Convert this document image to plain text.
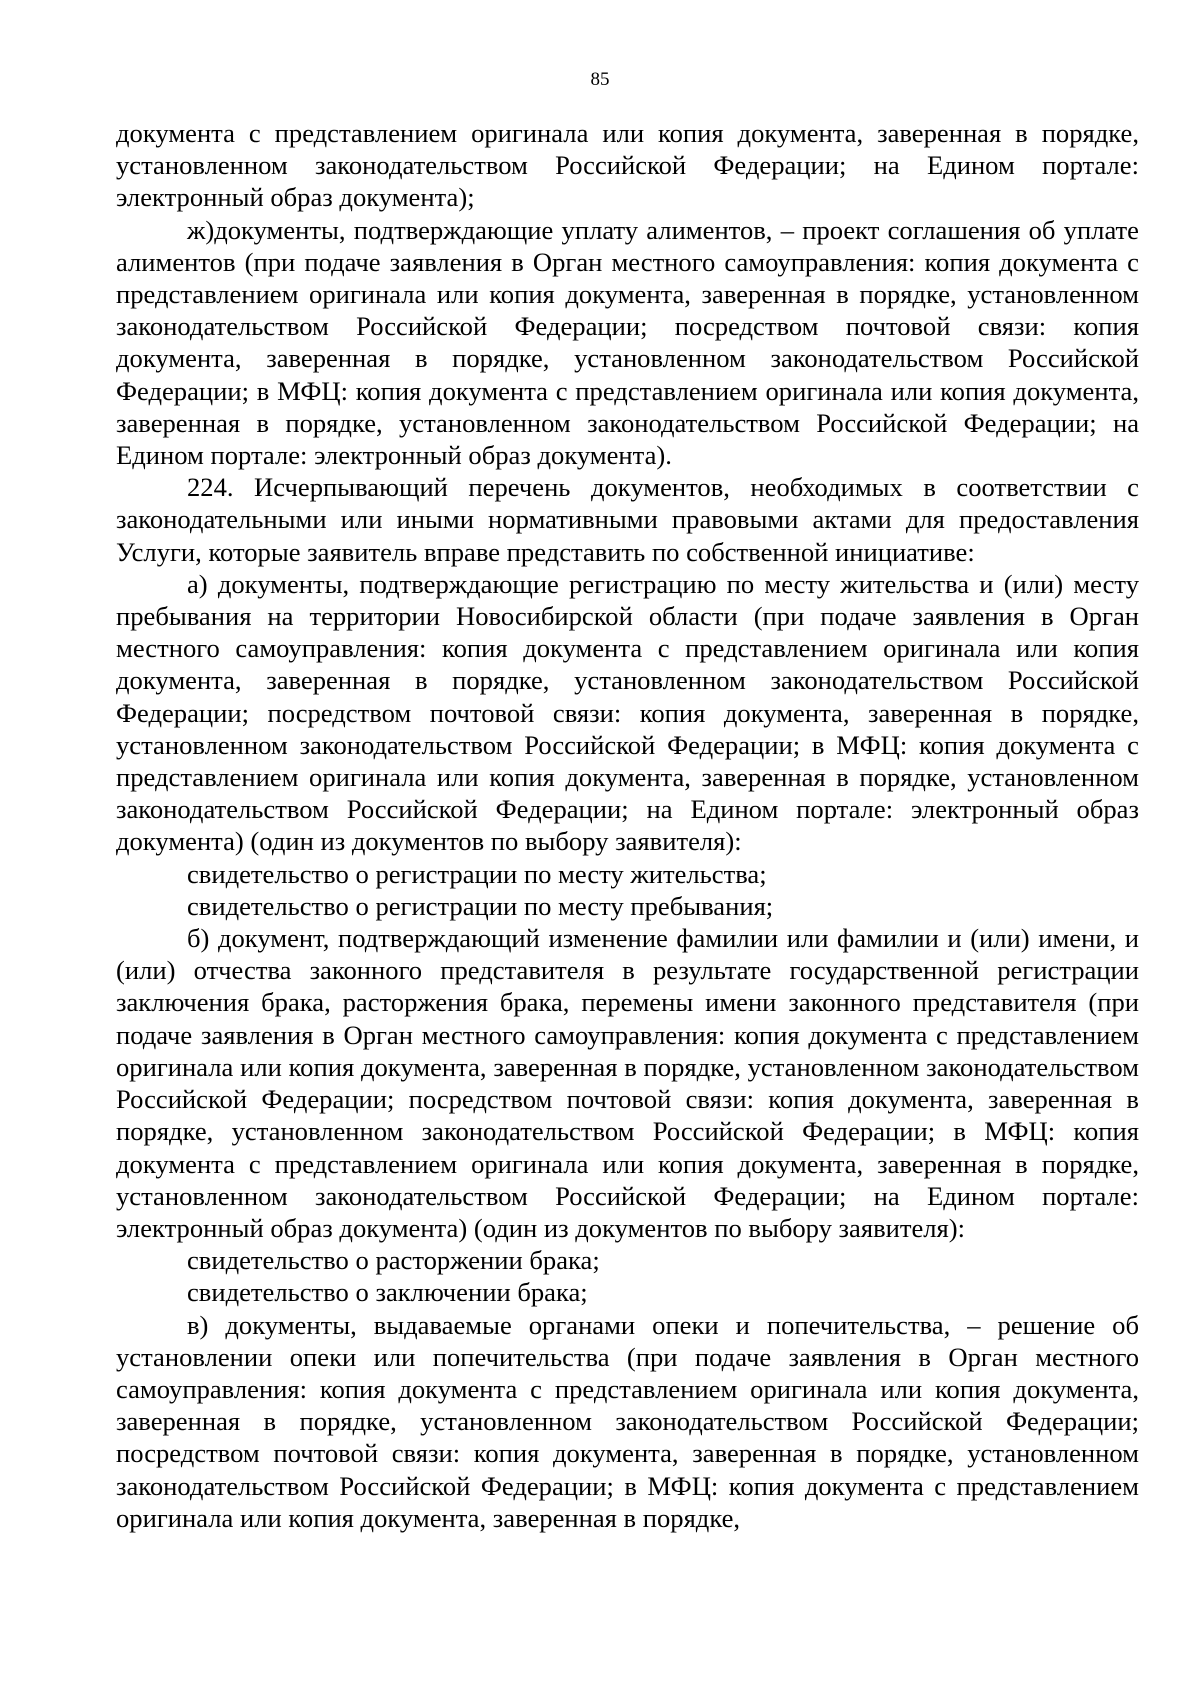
85

документа с представлением оригинала или копия документа, заверенная в порядке, установленном законодательством Российской Федерации; на Едином портале: электронный образ документа);

ж)документы, подтверждающие уплату алиментов, – проект соглашения об уплате алиментов (при подаче заявления в Орган местного самоуправления: копия документа с представлением оригинала или копия документа, заверенная в порядке, установленном законодательством Российской Федерации; посредством почтовой связи: копия документа, заверенная в порядке, установленном законодательством Российской Федерации; в МФЦ: копия документа с представлением оригинала или копия документа, заверенная в порядке, установленном законодательством Российской Федерации; на Едином портале: электронный образ документа).

224. Исчерпывающий перечень документов, необходимых в соответствии с законодательными или иными нормативными правовыми актами для предоставления Услуги, которые заявитель вправе представить по собственной инициативе:

а) документы, подтверждающие регистрацию по месту жительства и (или) месту пребывания на территории Новосибирской области (при подаче заявления в Орган местного самоуправления: копия документа с представлением оригинала или копия документа, заверенная в порядке, установленном законодательством Российской Федерации; посредством почтовой связи: копия документа, заверенная в порядке, установленном законодательством Российской Федерации; в МФЦ: копия документа с представлением оригинала или копия документа, заверенная в порядке, установленном законодательством Российской Федерации; на Едином портале: электронный образ документа) (один из документов по выбору заявителя):

свидетельство о регистрации по месту жительства;

свидетельство о регистрации по месту пребывания;

б) документ, подтверждающий изменение фамилии или фамилии и (или) имени, и (или) отчества законного представителя в результате государственной регистрации заключения брака, расторжения брака, перемены имени законного представителя (при подаче заявления в Орган местного самоуправления: копия документа с представлением оригинала или копия документа, заверенная в порядке, установленном законодательством Российской Федерации; посредством почтовой связи: копия документа, заверенная в порядке, установленном законодательством Российской Федерации; в МФЦ: копия документа с представлением оригинала или копия документа, заверенная в порядке, установленном законодательством Российской Федерации; на Едином портале: электронный образ документа) (один из документов по выбору заявителя):

свидетельство о расторжении брака;

свидетельство о заключении брака;

в) документы, выдаваемые органами опеки и попечительства, – решение об установлении опеки или попечительства (при подаче заявления в Орган местного самоуправления: копия документа с представлением оригинала или копия документа, заверенная в порядке, установленном законодательством Российской Федерации; посредством почтовой связи: копия документа, заверенная в порядке, установленном законодательством Российской Федерации; в МФЦ: копия документа с представлением оригинала или копия документа, заверенная в порядке,
